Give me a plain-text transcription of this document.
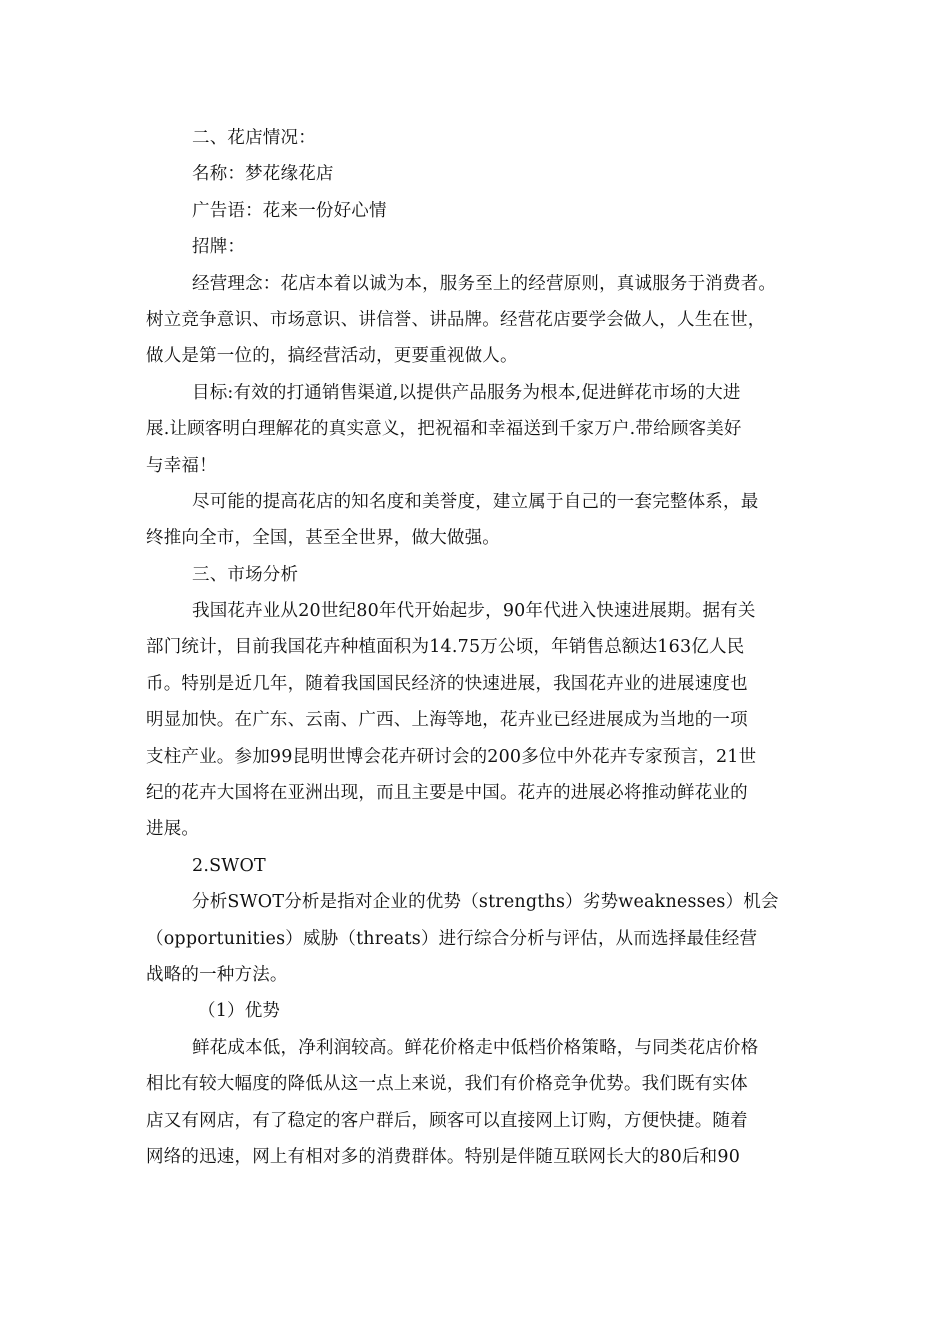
二、花店情况：
名称：梦花缘花店
广告语：花来一份好心情
招牌：
经营理念：花店本着以诚为本，服务至上的经营原则，真诚服务于消费者。
树立竞争意识、市场意识、讲信誉、讲品牌。经营花店要学会做人，人生在世，
做人是第一位的，搞经营活动，更要重视做人。
目标:有效的打通销售渠道,以提供产品服务为根本,促进鲜花市场的大进
展.让顾客明白理解花的真实意义，把祝福和幸福送到千家万户.带给顾客美好
与幸福！
尽可能的提高花店的知名度和美誉度，建立属于自己的一套完整体系，最
终推向全市，全国，甚至全世界，做大做强。
三、市场分析
我国花卉业从20世纪80年代开始起步，90年代进入快速进展期。据有关
部门统计，目前我国花卉种植面积为14.75万公顷，年销售总额达163亿人民
币。特别是近几年，随着我国国民经济的快速进展，我国花卉业的进展速度也
明显加快。在广东、云南、广西、上海等地，花卉业已经进展成为当地的一项
支柱产业。参加99昆明世博会花卉研讨会的200多位中外花卉专家预言，21世
纪的花卉大国将在亚洲出现，而且主要是中国。花卉的进展必将推动鲜花业的
进展。
2.SWOT
分析SWOT分析是指对企业的优势（strengths）劣势weaknesses）机会
（opportunities）威胁（threats）进行综合分析与评估，从而选择最佳经营
战略的一种方法。
（1）优势
鲜花成本低，净利润较高。鲜花价格走中低档价格策略，与同类花店价格
相比有较大幅度的降低从这一点上来说，我们有价格竞争优势。我们既有实体
店又有网店，有了稳定的客户群后，顾客可以直接网上订购，方便快捷。随着
网络的迅速，网上有相对多的消费群体。特别是伴随互联网长大的80后和90
